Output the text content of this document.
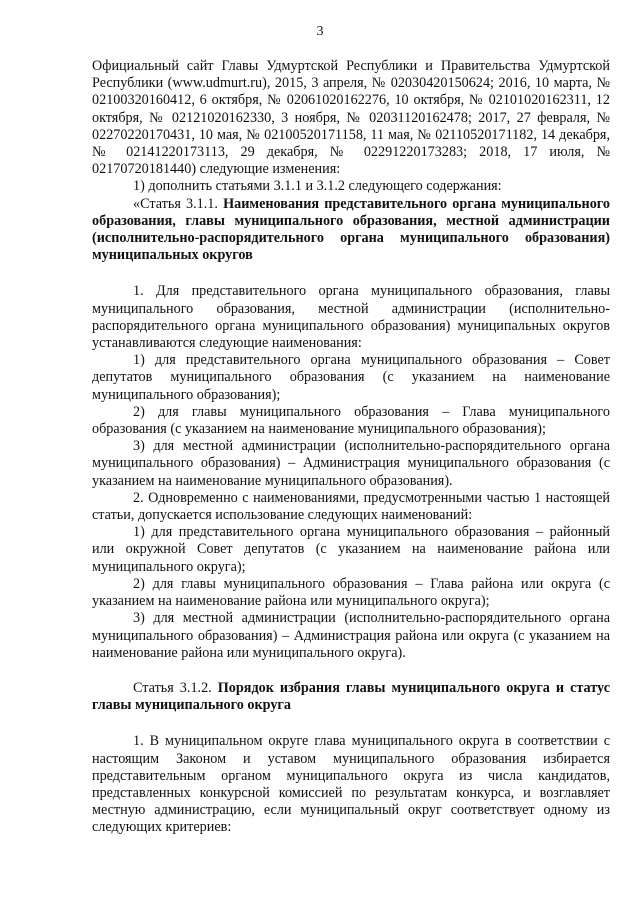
3

Официальный сайт Главы Удмуртской Республики и Правительства Удмуртской Республики (www.udmurt.ru), 2015, 3 апреля, № 02030420150624; 2016, 10 марта, № 02100320160412, 6 октября, № 02061020162276, 10 октября, № 02101020162311, 12 октября, № 02121020162330, 3 ноября, № 02031120162478; 2017, 27 февраля, № 02270220170431, 10 мая, № 02100520171158, 11 мая, № 02110520171182, 14 декабря, № 02141220173113, 29 декабря, № 02291220173283; 2018, 17 июля, № 02170720181440) следующие изменения:

1) дополнить статьями 3.1.1 и 3.1.2 следующего содержания:

«Статья 3.1.1. Наименования представительного органа муниципального образования, главы муниципального образования, местной администрации (исполнительно-распорядительного органа муниципального образования) муниципальных округов

1. Для представительного органа муниципального образования, главы муниципального образования, местной администрации (исполнительно-распорядительного органа муниципального образования) муниципальных округов устанавливаются следующие наименования:

1) для представительного органа муниципального образования – Совет депутатов муниципального образования (с указанием на наименование муниципального образования);

2) для главы муниципального образования – Глава муниципального образования (с указанием на наименование муниципального образования);

3) для местной администрации (исполнительно-распорядительного органа муниципального образования) – Администрация муниципального образования (с указанием на наименование муниципального образования).

2. Одновременно с наименованиями, предусмотренными частью 1 настоящей статьи, допускается использование следующих наименований:

1) для представительного органа муниципального образования – районный или окружной Совет депутатов (с указанием на наименование района или муниципального округа);

2) для главы муниципального образования – Глава района или округа (с указанием на наименование района или муниципального округа);

3) для местной администрации (исполнительно-распорядительного органа муниципального образования) – Администрация района или округа (с указанием на наименование района или муниципального округа).

Статья 3.1.2. Порядок избрания главы муниципального округа и статус главы муниципального округа

1. В муниципальном округе глава муниципального округа в соответствии с настоящим Законом и уставом муниципального образования избирается представительным органом муниципального округа из числа кандидатов, представленных конкурсной комиссией по результатам конкурса, и возглавляет местную администрацию, если муниципальный округ соответствует одному из следующих критериев:
